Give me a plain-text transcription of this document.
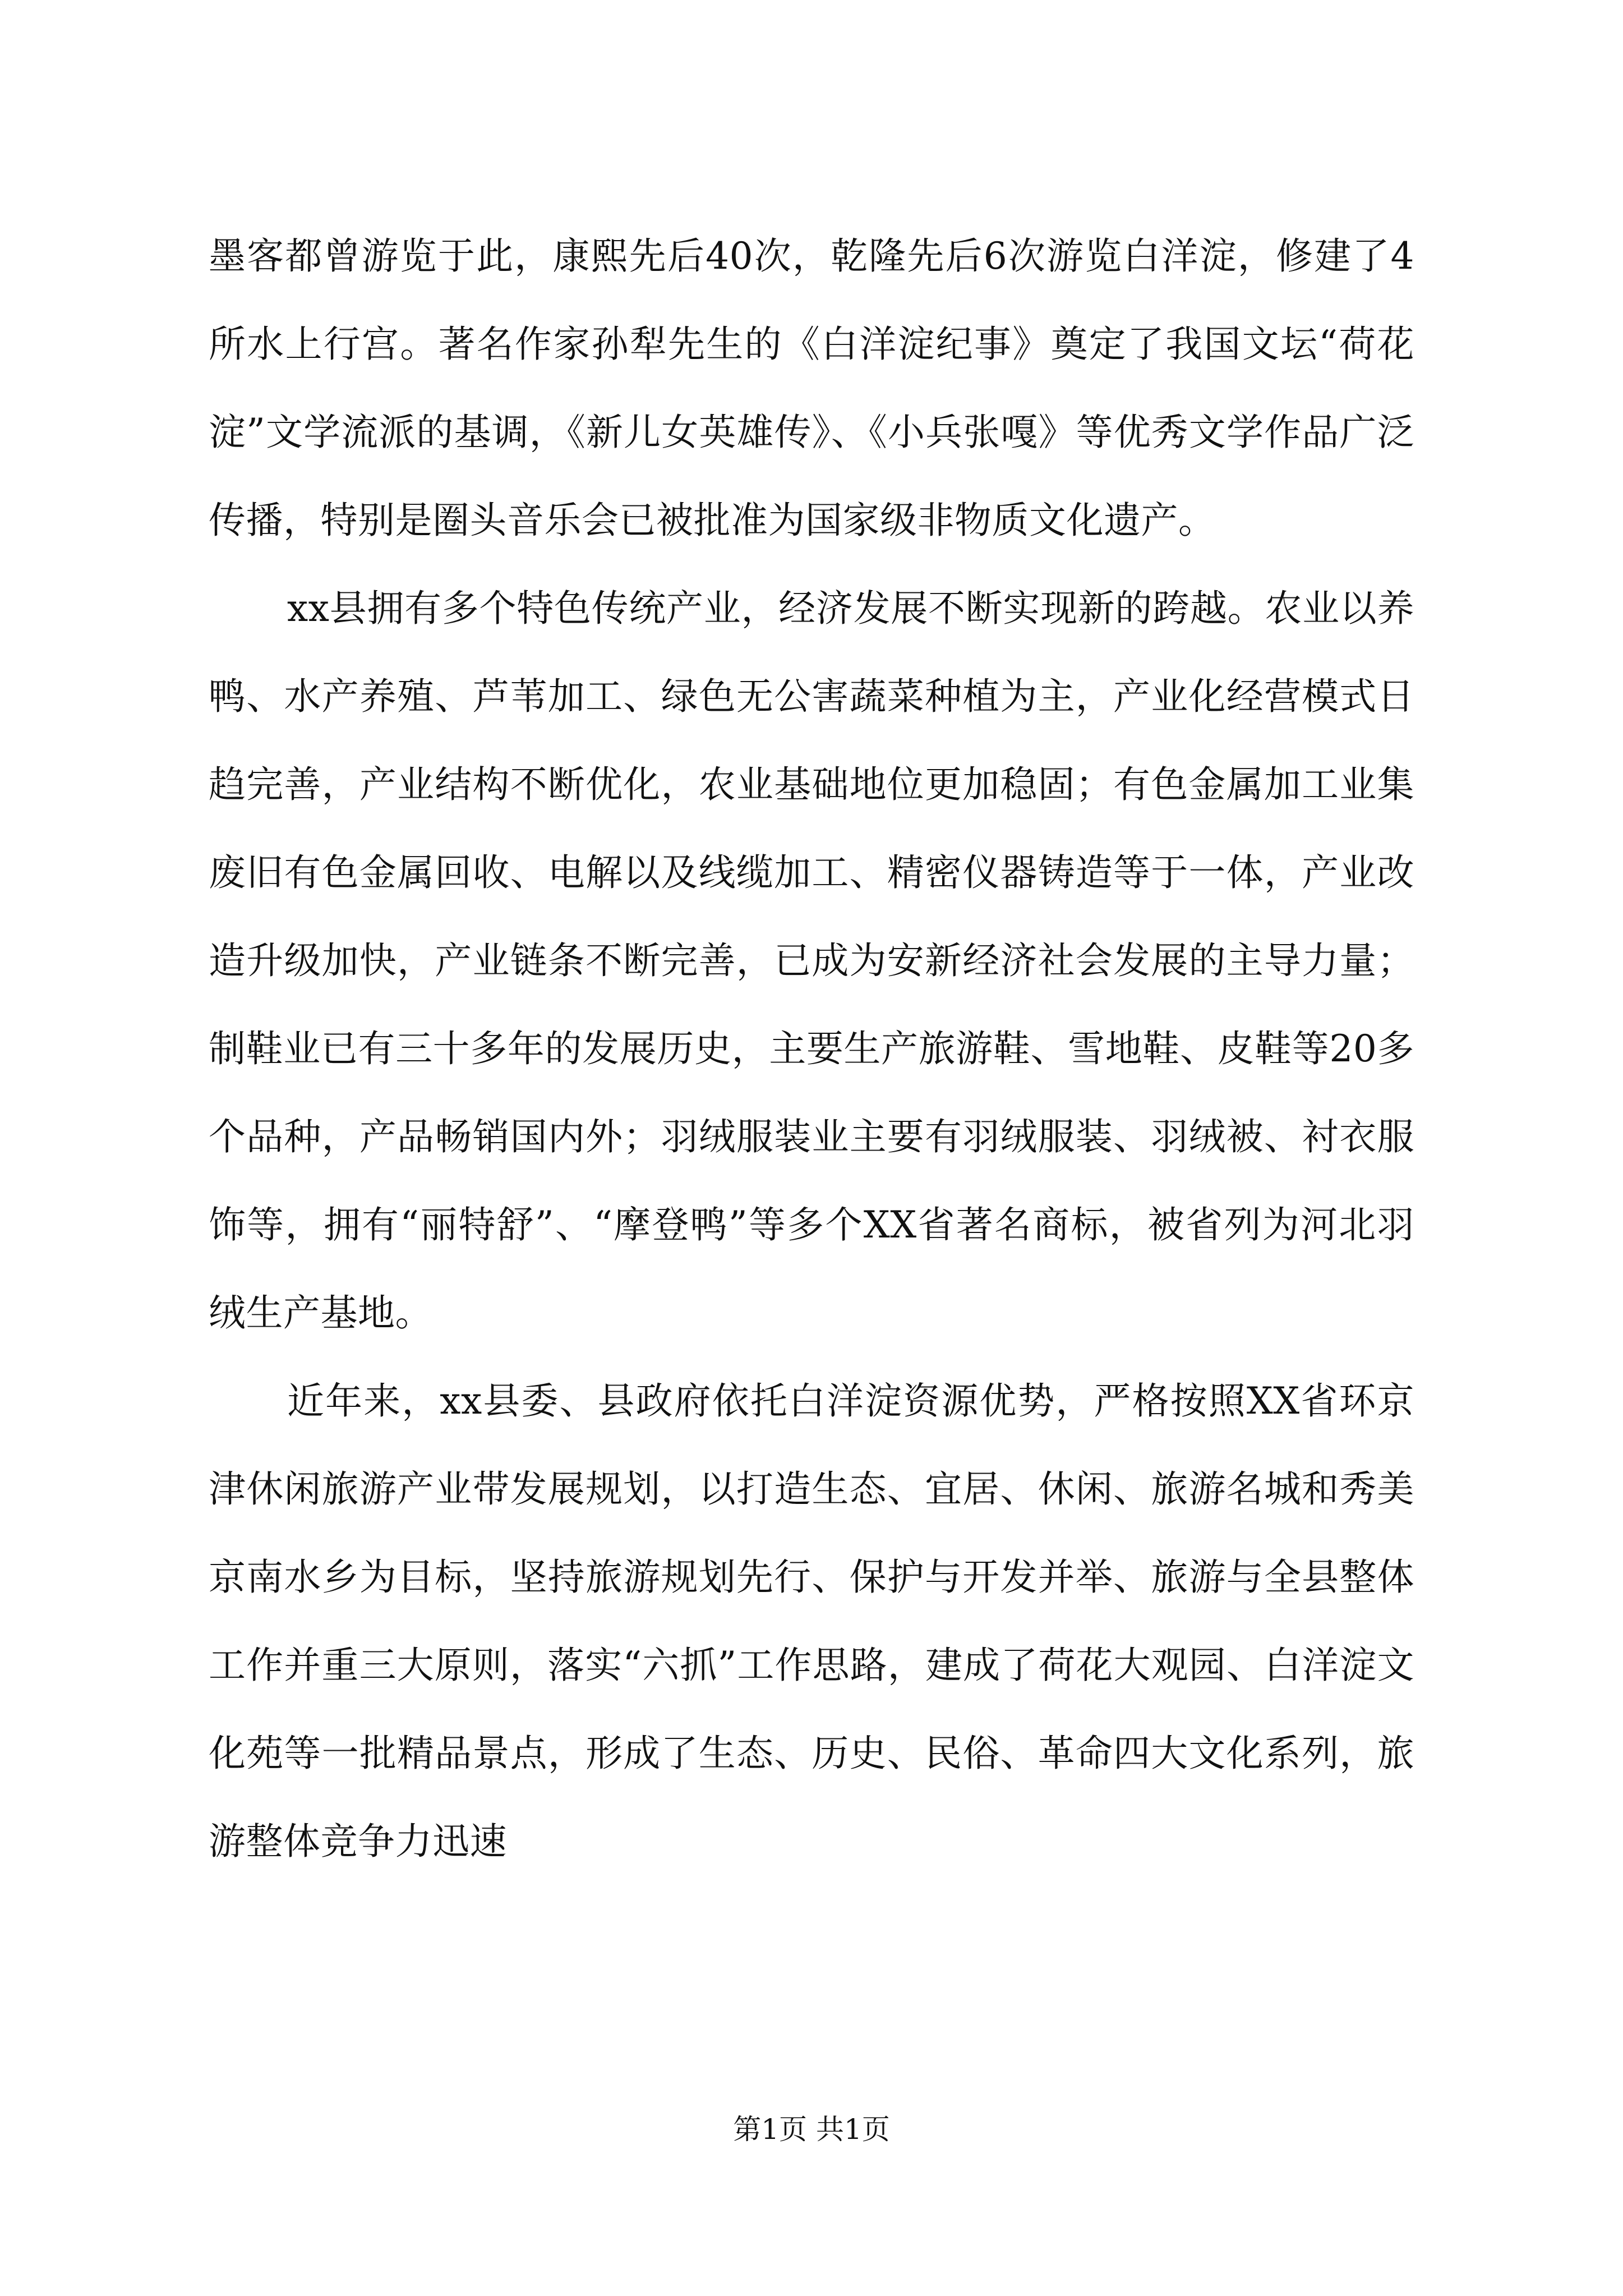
墨客都曾游览于此，康熙先后40次，乾隆先后6次游览白洋淀，修建了4所水上行宫。著名作家孙犁先生的《白洋淀纪事》奠定了我国文坛“荷花淀”文学流派的基调，《新儿女英雄传》、《小兵张嘎》等优秀文学作品广泛传播，特别是圈头音乐会已被批准为国家级非物质文化遗产。

xx县拥有多个特色传统产业，经济发展不断实现新的跨越。农业以养鸭、水产养殖、芦苇加工、绿色无公害蔬菜种植为主，产业化经营模式日趋完善，产业结构不断优化，农业基础地位更加稳固；有色金属加工业集废旧有色金属回收、电解以及线缆加工、精密仪器铸造等于一体，产业改造升级加快，产业链条不断完善，已成为安新经济社会发展的主导力量；制鞋业已有三十多年的发展历史，主要生产旅游鞋、雪地鞋、皮鞋等20多个品种，产品畅销国内外；羽绒服装业主要有羽绒服装、羽绒被、衬衣服饰等，拥有“丽特舒”、“摩登鸭”等多个XX省著名商标，被省列为河北羽绒生产基地。

近年来，xx县委、县政府依托白洋淀资源优势，严格按照XX省环京津休闲旅游产业带发展规划，以打造生态、宜居、休闲、旅游名城和秀美京南水乡为目标，坚持旅游规划先行、保护与开发并举、旅游与全县整体工作并重三大原则，落实“六抓”工作思路，建成了荷花大观园、白洋淀文化苑等一批精品景点，形成了生态、历史、民俗、革命四大文化系列，旅游整体竞争力迅速

第1页 共1页
